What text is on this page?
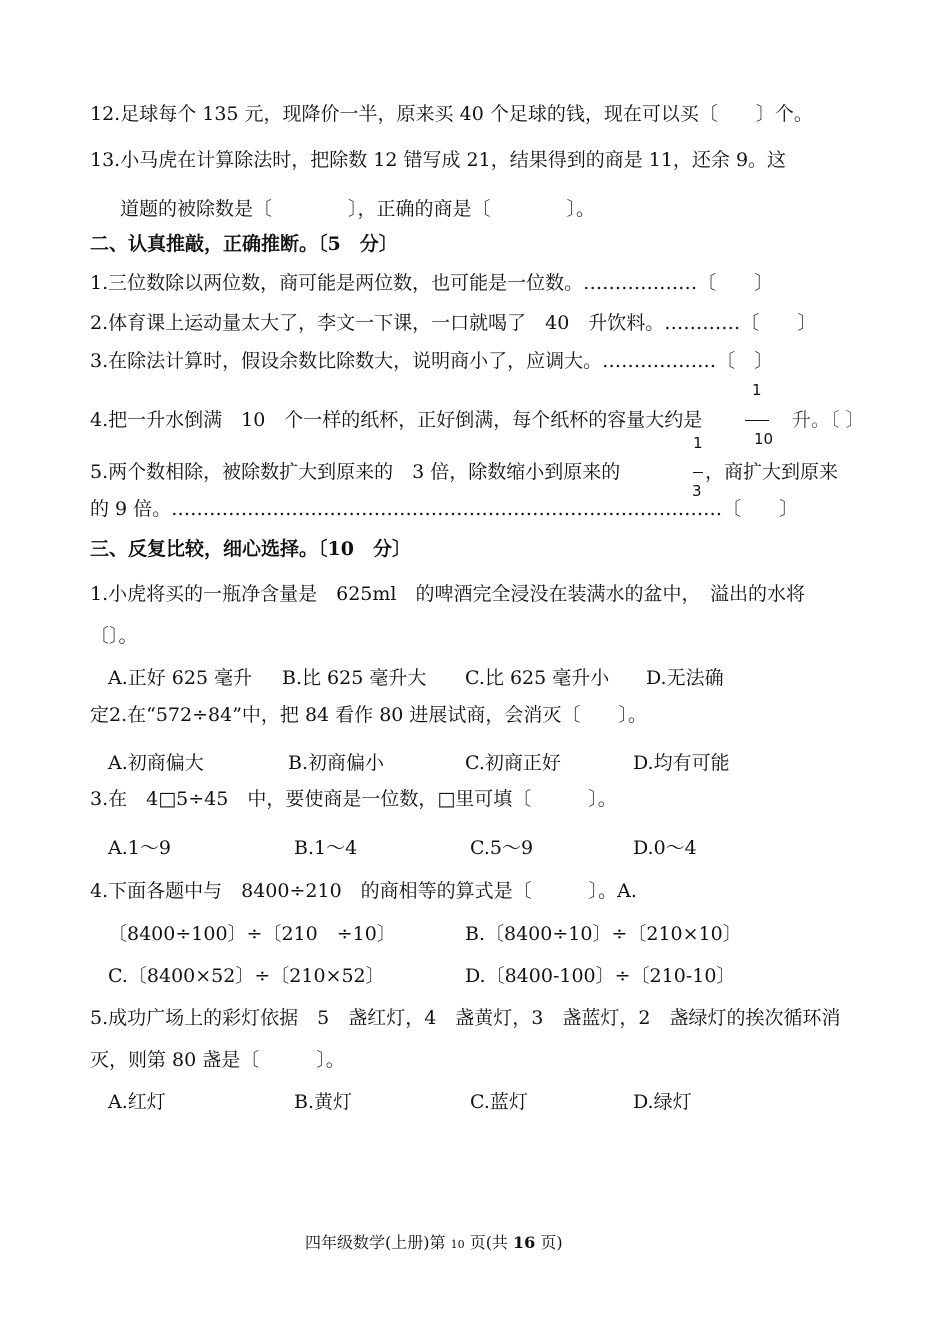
12.足球每个 135 元，现降价一半，原来买 40 个足球的钱，现在可以买〔　　〕个。
13.小马虎在计算除法时，把除数 12 错写成 21，结果得到的商是 11，还余 9。这
道题的被除数是〔　　　　〕，正确的商是〔　　　　〕。
二、认真推敲，正确推断。〔5　分〕
1.三位数除以两位数，商可能是两位数，也可能是一位数。………………〔　　〕
2.体育课上运动量太大了，李文一下课，一口就喝了　40　升饮料。…………〔　　〕
3.在除法计算时，假设余数比除数大，说明商小了，应调大。………………〔　〕
4.把一升水倒满　10　个一样的纸杯，正好倒满，每个纸杯的容量大约是
1
10
升。〔 〕
5.两个数相除，被除数扩大到原来的　3 倍，除数缩小到原来的
1
3
，商扩大到原来
的 9 倍。……………………………………………………………………………〔　　〕
三、反复比较，细心选择。〔10　分〕
1.小虎将买的一瓶净含量是　625ml　的啤酒完全浸没在装满水的盆中，　溢出的水将
〔〕。
A.正好 625 毫升 B.比 625 毫升大 C.比 625 毫升小 D.无法确
定2.在“572÷84”中，把 84 看作 80 进展试商，会消灭〔　　〕。
A.初商偏大	B.初商偏小	C.初商正好	D.均有可能
3.在　4□5÷45　中，要使商是一位数，□里可填〔　　　〕。
A.1～9	B.1～4	C.5～9	D.0～4
4.下面各题中与　8400÷210　的商相等的算式是〔　　　〕。A.
〔8400÷100〕÷〔210　÷10〕	B.〔8400÷10〕÷〔210×10〕
C.〔8400×52〕÷〔210×52〕	D.〔8400-100〕÷〔210-10〕
5.成功广场上的彩灯依据　5　盏红灯，4　盏黄灯，3　盏蓝灯，2　盏绿灯的挨次循环消
灭，则第 80 盏是〔　　　〕。
A.红灯	B.黄灯	C.蓝灯	D.绿灯
四年级数学(上册)第 10 页(共 16 页)
